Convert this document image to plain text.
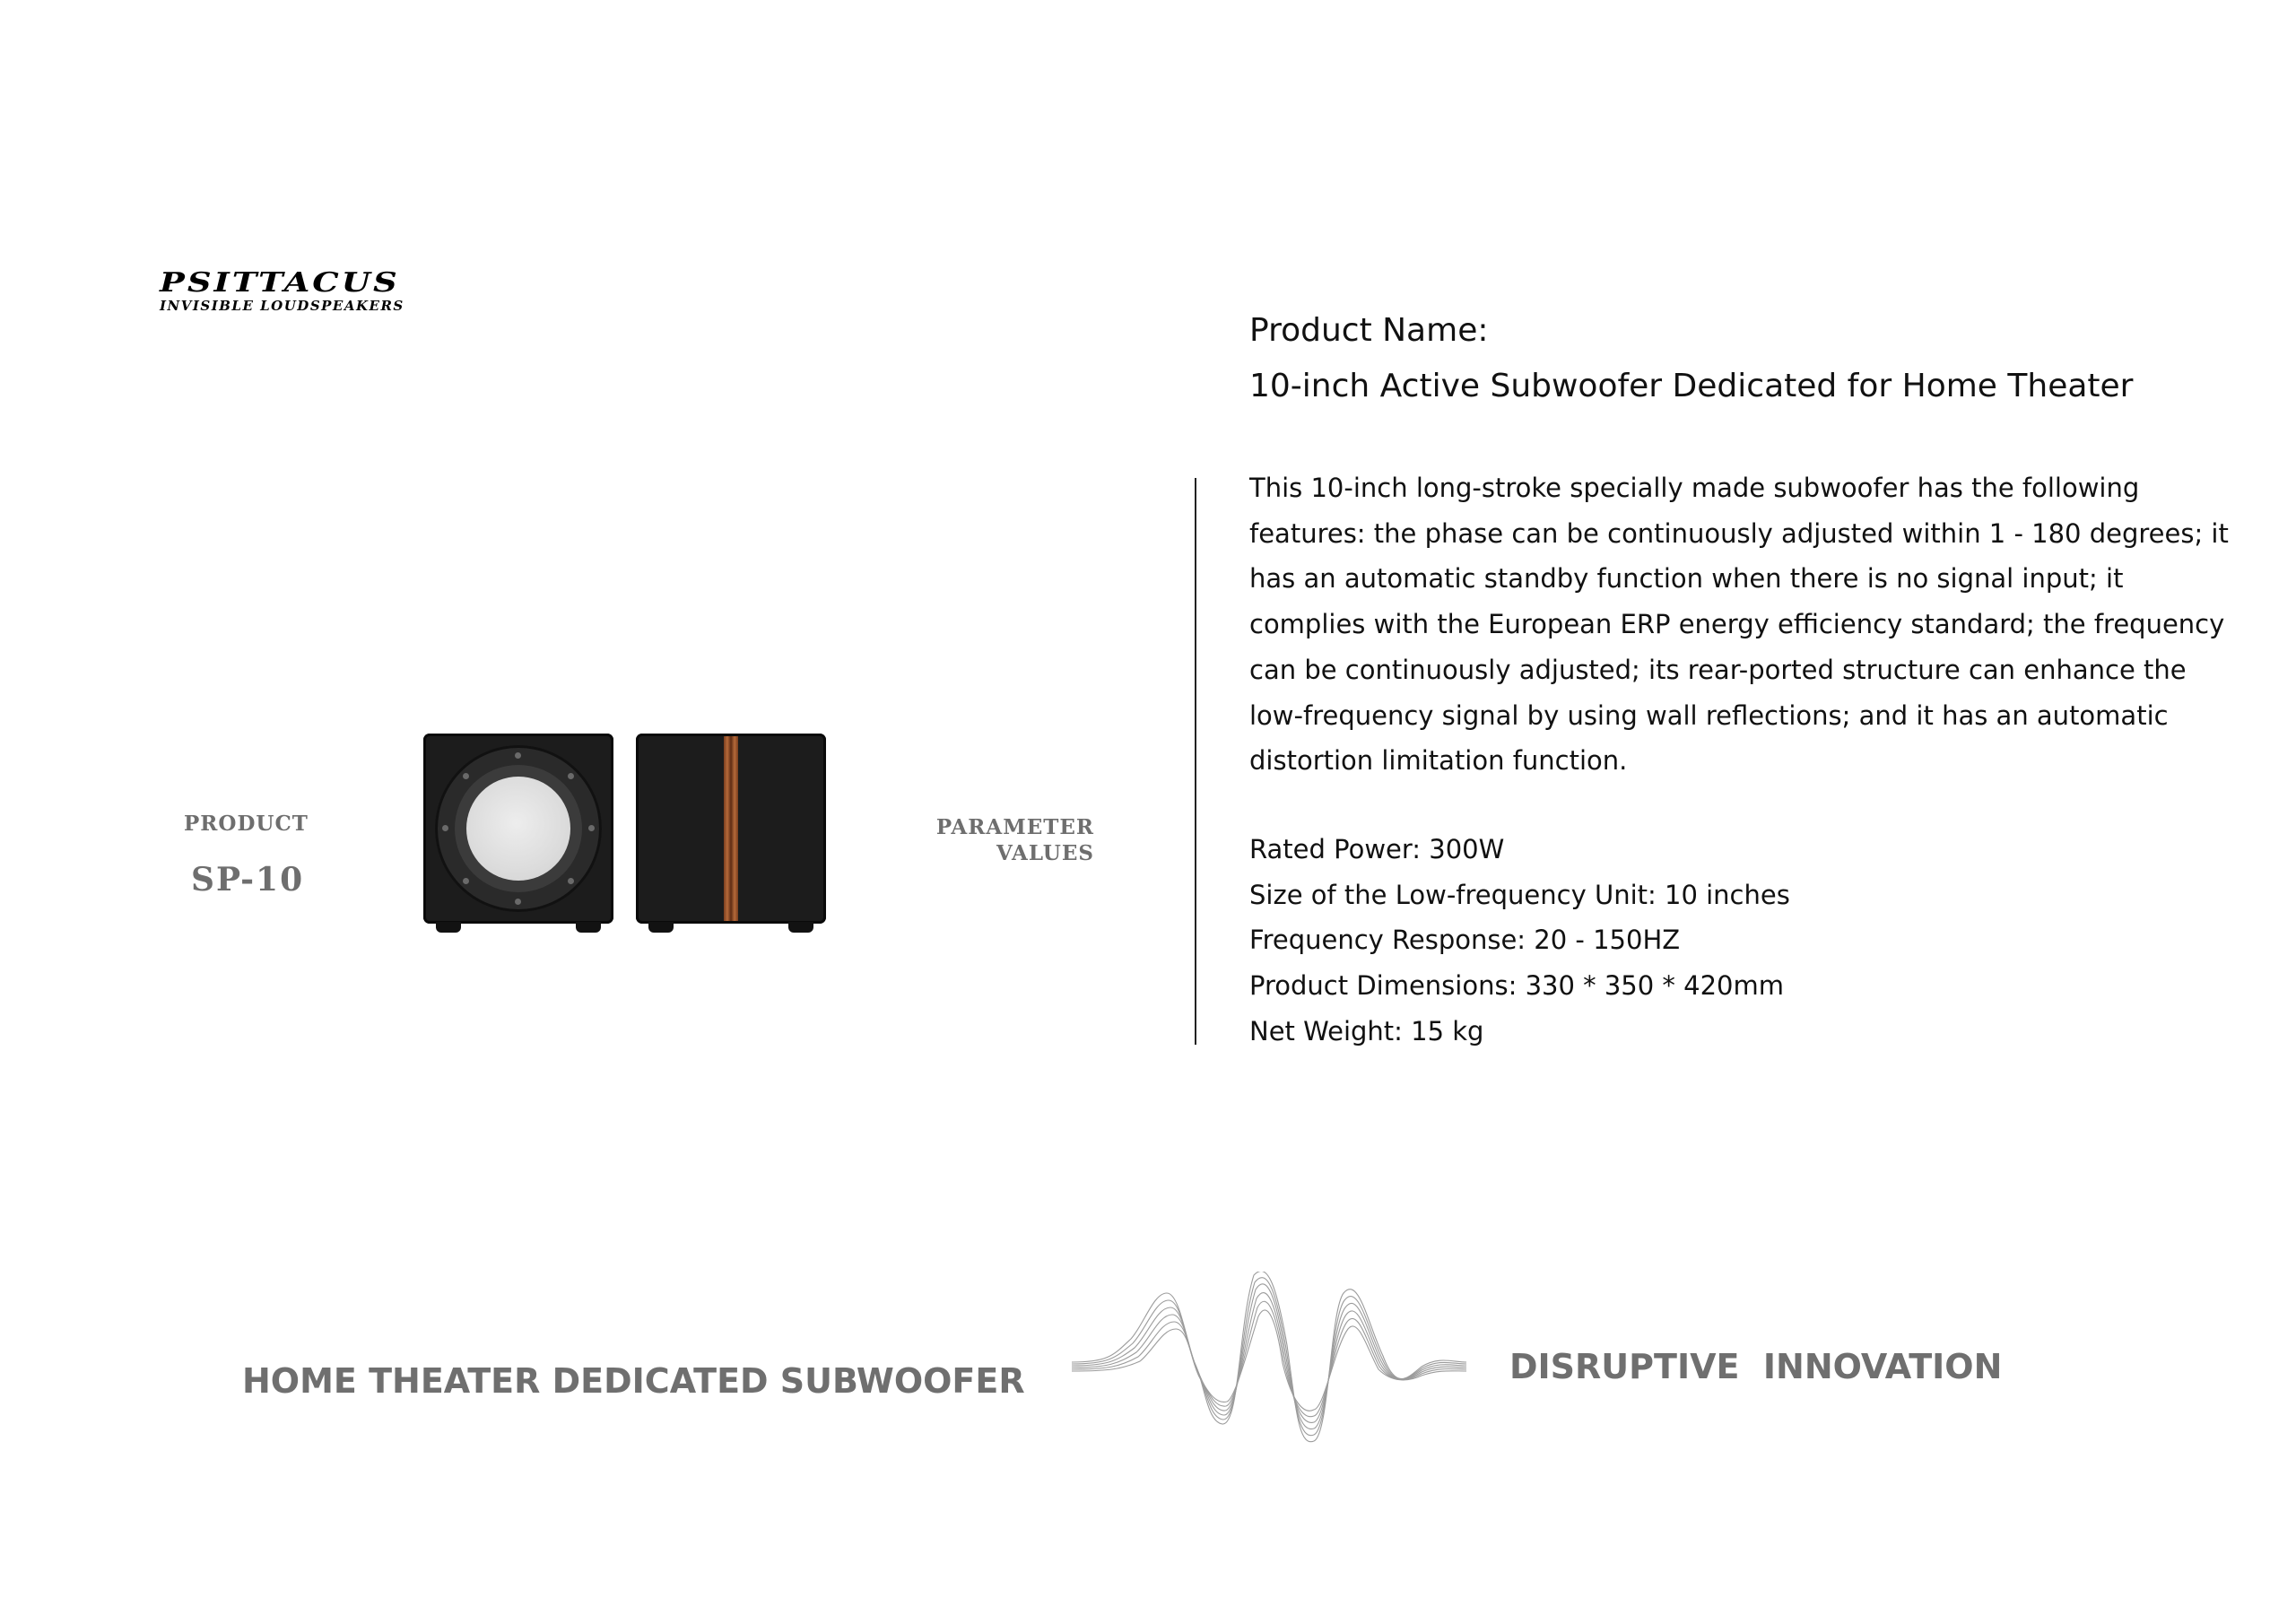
PSITTACUS
INVISIBLE LOUDSPEAKERS
PRODUCT
SP-10
PARAMETER
VALUES
Product Name:
10-inch Active Subwoofer Dedicated for Home Theater

This 10-inch long-stroke specially made subwoofer has the following features: the phase can be continuously adjusted within 1 - 180 degrees; it has an automatic standby function when there is no signal input; it complies with the European ERP energy efficiency standard; the frequency can be continuously adjusted; its rear-ported structure can enhance the low-frequency signal by using wall reflections; and it has an automatic distortion limitation function.

Rated Power: 300W
Size of the Low-frequency Unit: 10 inches
Frequency Response: 20 - 150HZ
Product Dimensions: 330 * 350 * 420mm
Net Weight: 15 kg
HOME THEATER DEDICATED SUBWOOFER	DISRUPTIVE  INNOVATION
